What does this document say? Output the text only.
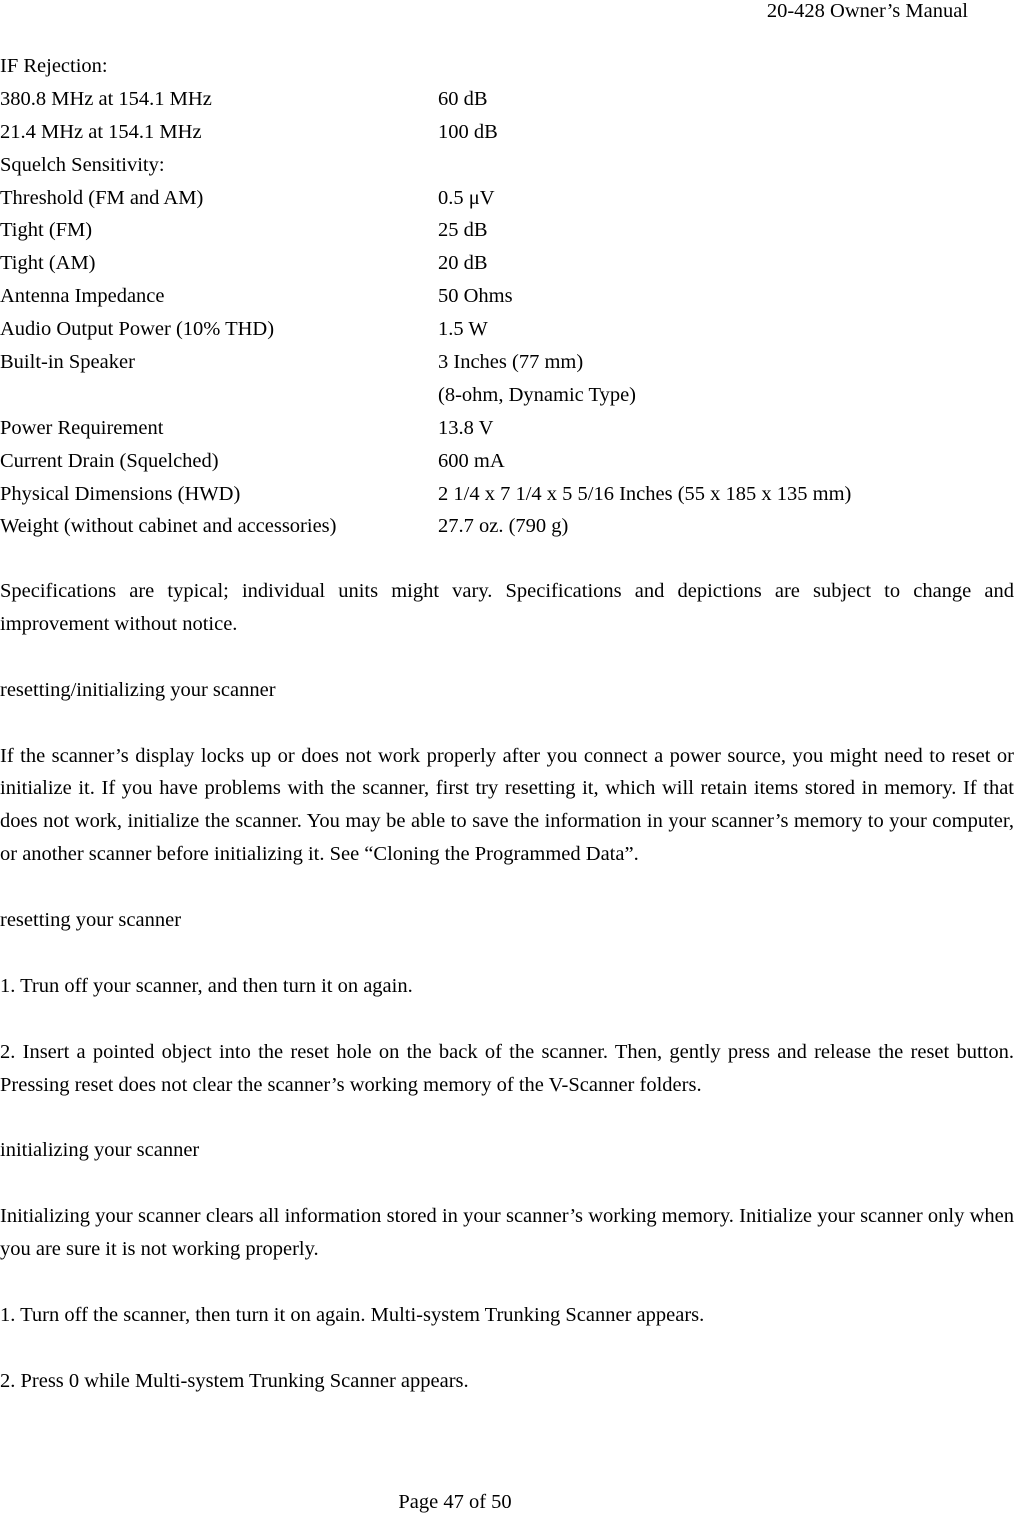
20-428 Owner’s Manual
IF Rejection:
380.8 MHz at 154.1 MHz	60 dB
21.4 MHz at 154.1 MHz	100 dB
Squelch Sensitivity:
Threshold (FM and AM)	0.5 μV
Tight (FM)	25 dB
Tight (AM)	20 dB
Antenna Impedance	50 Ohms
Audio Output Power (10% THD)	1.5 W
Built-in Speaker	3 Inches (77 mm)
(8-ohm, Dynamic Type)
Power Requirement	13.8 V
Current Drain (Squelched)	600 mA
Physical Dimensions (HWD)	2 1/4 x 7 1/4 x 5 5/16 Inches (55 x 185 x 135 mm)
Weight (without cabinet and accessories)	27.7 oz. (790 g)

Specifications are typical; individual units might vary. Specifications and depictions are subject to change and improvement without notice.

resetting/initializing your scanner

If the scanner’s display locks up or does not work properly after you connect a power source, you might need to reset or initialize it. If you have problems with the scanner, first try resetting it, which will retain items stored in memory. If that does not work, initialize the scanner. You may be able to save the information in your scanner’s memory to your computer, or another scanner before initializing it. See “Cloning the Programmed Data”.

resetting your scanner

1. Trun off your scanner, and then turn it on again.

2. Insert a pointed object into the reset hole on the back of the scanner. Then, gently press and release the reset button. Pressing reset does not clear the scanner’s working memory of the V-Scanner folders.

initializing your scanner

Initializing your scanner clears all information stored in your scanner’s working memory. Initialize your scanner only when you are sure it is not working properly.

1. Turn off the scanner, then turn it on again. Multi-system Trunking Scanner appears.

2. Press 0 while Multi-system Trunking Scanner appears.

Page 47 of 50
